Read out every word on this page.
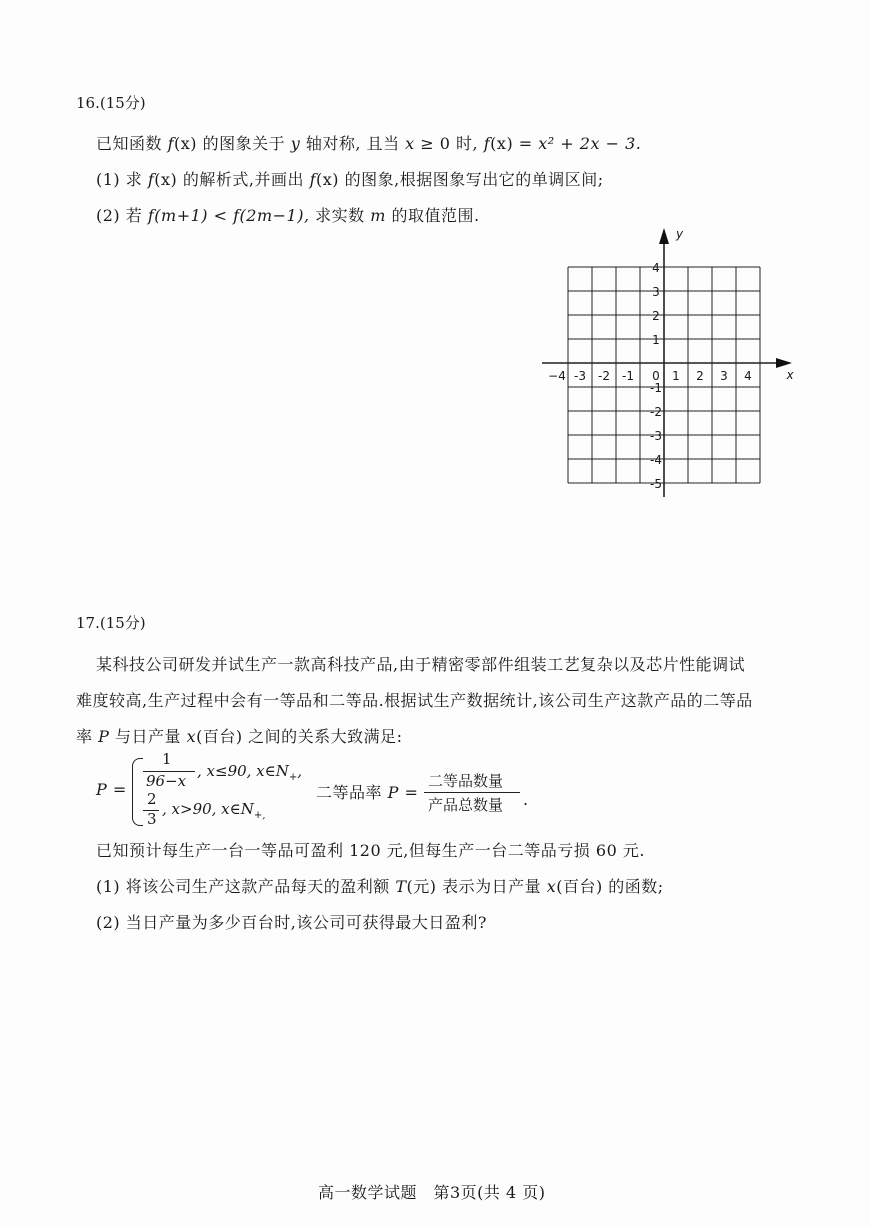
16.(15分)
已知函数 f(x) 的图象关于 y 轴对称, 且当 x ≥ 0 时, f(x) = x² + 2x − 3.
(1) 求 f(x) 的解析式,并画出 f(x) 的图象,根据图象写出它的单调区间;
(2) 若 f(m+1) < f(2m−1), 求实数 m 的取值范围.
y
x
−4 -3 -2 -1 0 1 2 3 4
4
3
2
1
-1
-2
-3
-4
-5
17.(15分)
某科技公司研发并试生产一款高科技产品,由于精密零部件组装工艺复杂以及芯片性能调试
难度较高,生产过程中会有一等品和二等品.根据试生产数据统计,该公司生产这款产品的二等品
率 P 与日产量 x(百台) 之间的关系大致满足:
P =
1
96−x
, x≤90, $x\in N_+$,
2
3
, x>90, $x\in N_{+,}$
二等品率 P =
二等品数量
产品总数量 .
已知预计每生产一台一等品可盈利 120 元,但每生产一台二等品亏损 60 元.
(1) 将该公司生产这款产品每天的盈利额 T(元) 表示为日产量 x(百台) 的函数;
(2) 当日产量为多少百台时,该公司可获得最大日盈利?
高一数学试题　第3页(共 4 页)
